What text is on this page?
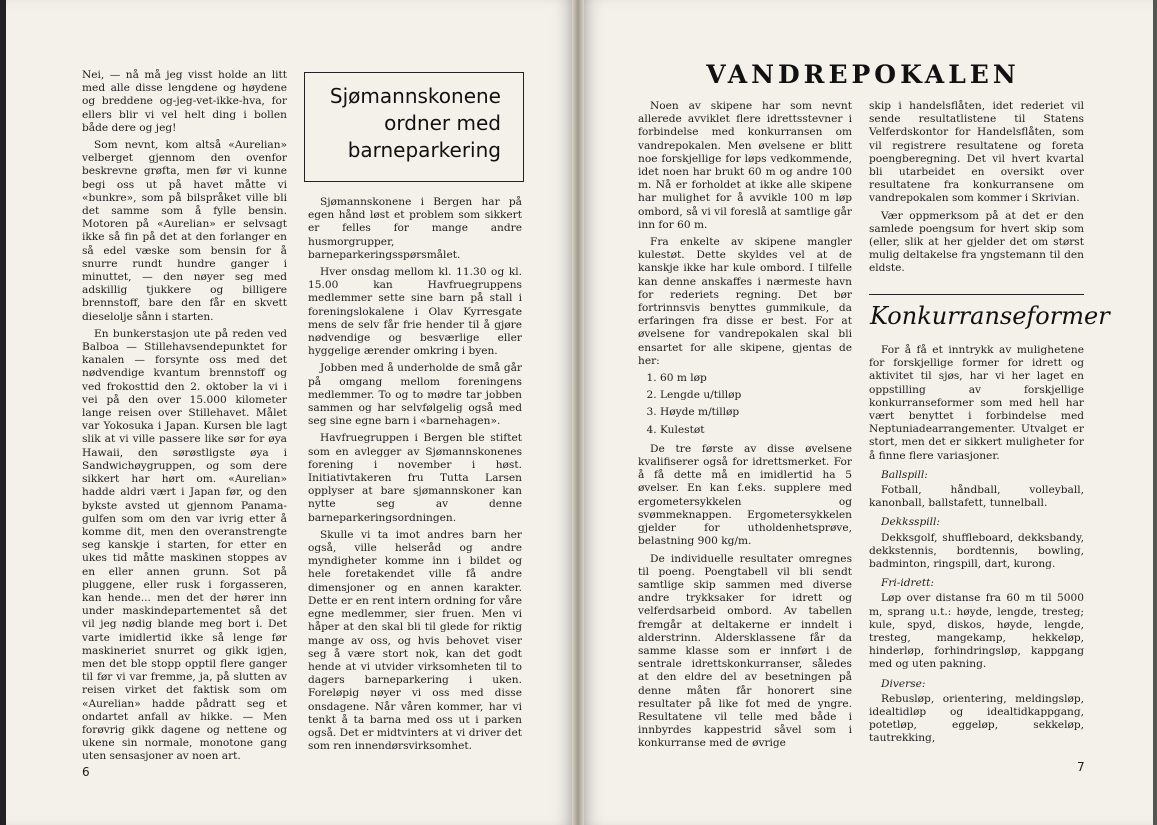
Nei, — nå må jeg visst holde an litt med alle disse lengdene og høydene og breddene og-jeg-vet-ikke-hva, for ellers blir vi vel helt ding i bollen både dere og jeg!

Som nevnt, kom altså «Aurelian» velberget gjennom den ovenfor beskrevne grøfta, men før vi kunne begi oss ut på havet måtte vi «bunkre», som på bilspråket ville bli det samme som å fylle bensin. Motoren på «Aurelian» er selvsagt ikke så fin på det at den forlanger en så edel væske som bensin for å snurre rundt hundre ganger i minuttet, — den nøyer seg med adskillig tjukkere og billigere brennstoff, bare den får en skvett dieselolje sånn i starten.

En bunkerstasjon ute på reden ved Balboa — Stillehavsendepunktet for kanalen — forsynte oss med det nødvendige kvantum brennstoff og ved frokosttid den 2. oktober la vi i vei på den over 15.000 kilometer lange reisen over Stillehavet. Målet var Yokosuka i Japan. Kursen ble lagt slik at vi ville passere like sør for øya Hawaii, den sørøstligste øya i Sandwichøygruppen, og som dere sikkert har hørt om. «Aurelian» hadde aldri vært i Japan før, og den bykste avsted ut gjennom Panama-gulfen som om den var ivrig etter å komme dit, men den overanstrengte seg kanskje i starten, for etter en ukes tid måtte maskinen stoppes av en eller annen grunn. Sot på pluggene, eller rusk i forgasseren, kan hende... men det der hører inn under maskindepartementet så det vil jeg nødig blande meg bort i. Det varte imidlertid ikke så lenge før maskineriet snurret og gikk igjen, men det ble stopp opptil flere ganger til før vi var fremme, ja, på slutten av reisen virket det faktisk som om «Aurelian» hadde pådratt seg et ondartet anfall av hikke. — Men forøvrig gikk dagene og nettene og ukene sin normale, monotone gang uten sensasjoner av noen art.

Sjømannskonene
ordner med
barneparkering

Sjømannskonene i Bergen har på egen hånd løst et problem som sikkert er felles for mange andre husmorgrupper, barneparkeringsspørsmålet.

Hver onsdag mellom kl. 11.30 og kl. 15.00 kan Havfruegruppens medlemmer sette sine barn på stall i foreningslokalene i Olav Kyrresgate mens de selv får frie hender til å gjøre nødvendige og besværlige eller hyggelige ærender omkring i byen.

Jobben med å underholde de små går på omgang mellom foreningens medlemmer. To og to mødre tar jobben sammen og har selvfølgelig også med seg sine egne barn i «barnehagen».

Havfruegruppen i Bergen ble stiftet som en avlegger av Sjømannskonenes forening i november i høst. Initiativtakeren fru Tutta Larsen opplyser at bare sjømannskoner kan nytte seg av denne barneparkeringsordningen.

Skulle vi ta imot andres barn her også, ville helseråd og andre myndigheter komme inn i bildet og hele foretakendet ville få andre dimensjoner og en annen karakter. Dette er en rent intern ordning for våre egne medlemmer, sier fruen. Men vi håper at den skal bli til glede for riktig mange av oss, og hvis behovet viser seg å være stort nok, kan det godt hende at vi utvider virksomheten til to dagers barneparkering i uken. Foreløpig nøyer vi oss med disse onsdagene. Når våren kommer, har vi tenkt å ta barna med oss ut i parken også. Det er midtvinters at vi driver det som ren innendørsvirksomhet.

6
VANDREPOKALEN

Noen av skipene har som nevnt allerede avviklet flere idrettsstevner i forbindelse med konkurransen om vandrepokalen. Men øvelsene er blitt noe forskjellige for løps vedkommende, idet noen har brukt 60 m og andre 100 m. Nå er forholdet at ikke alle skipene har mulighet for å avvikle 100 m løp ombord, så vi vil foreslå at samtlige går inn for 60 m.

Fra enkelte av skipene mangler kulestøt. Dette skyldes vel at de kanskje ikke har kule ombord. I tilfelle kan denne anskaffes i nærmeste havn for rederiets regning. Det bør fortrinnsvis benyttes gummikule, da erfaringen fra disse er best. For at øvelsene for vandrepokalen skal bli ensartet for alle skipene, gjentas de her:

1. 60 m løp
2. Lengde u/tilløp
3. Høyde m/tilløp
4. Kulestøt

De tre første av disse øvelsene kvalifiserer også for idrettsmerket. For å få dette må en imidlertid ha 5 øvelser. En kan f.eks. supplere med ergometersykkelen og svømmeknappen. Ergometersykkelen gjelder for utholdenhetsprøve, belastning 900 kg/m.

De individuelle resultater omregnes til poeng. Poengtabell vil bli sendt samtlige skip sammen med diverse andre trykksaker for idrett og velferdsarbeid ombord. Av tabellen fremgår at deltakerne er inndelt i alderstrinn. Aldersklassene får da samme klasse som er innført i de sentrale idrettskonkurranser, således at den eldre del av besetningen på denne måten får honorert sine resultater på like fot med de yngre. Resultatene vil telle med både i innbyrdes kappestrid såvel som i konkurranse med de øvrige

skip i handelsflåten, idet rederiet vil sende resultatlistene til Statens Velferdskontor for Handelsflåten, som vil registrere resultatene og foreta poengberegning. Det vil hvert kvartal bli utarbeidet en oversikt over resultatene fra konkurransene om vandrepokalen som kommer i Skrivian.

Vær oppmerksom på at det er den samlede poengsum for hvert skip som (eller, slik at her gjelder det om størst mulig deltakelse fra yngstemann til den eldste.

Konkurranseformer

For å få et inntrykk av mulighetene for forskjellige former for idrett og aktivitet til sjøs, har vi her laget en oppstilling av forskjellige konkurranseformer som med hell har vært benyttet i forbindelse med Neptuniadearrangementer. Utvalget er stort, men det er sikkert muligheter for å finne flere variasjoner.

Ballspill:

Fotball, håndball, volleyball, kanonball, ballstafett, tunnelball.

Dekksspill:

Dekksgolf, shuffleboard, dekksbandy, dekkstennis, bordtennis, bowling, badminton, ringspill, dart, kurong.

Fri-idrett:

Løp over distanse fra 60 m til 5000 m, sprang u.t.: høyde, lengde, tresteg; kule, spyd, diskos, høyde, lengde, tresteg, mangekamp, hekkeløp, hinderløp, forhindringsløp, kappgang med og uten pakning.

Diverse:

Rebusløp, orientering, meldingsløp, idealtidløp og idealtidkappgang, potetløp, eggeløp, sekkeløp, tautrekking,

7
